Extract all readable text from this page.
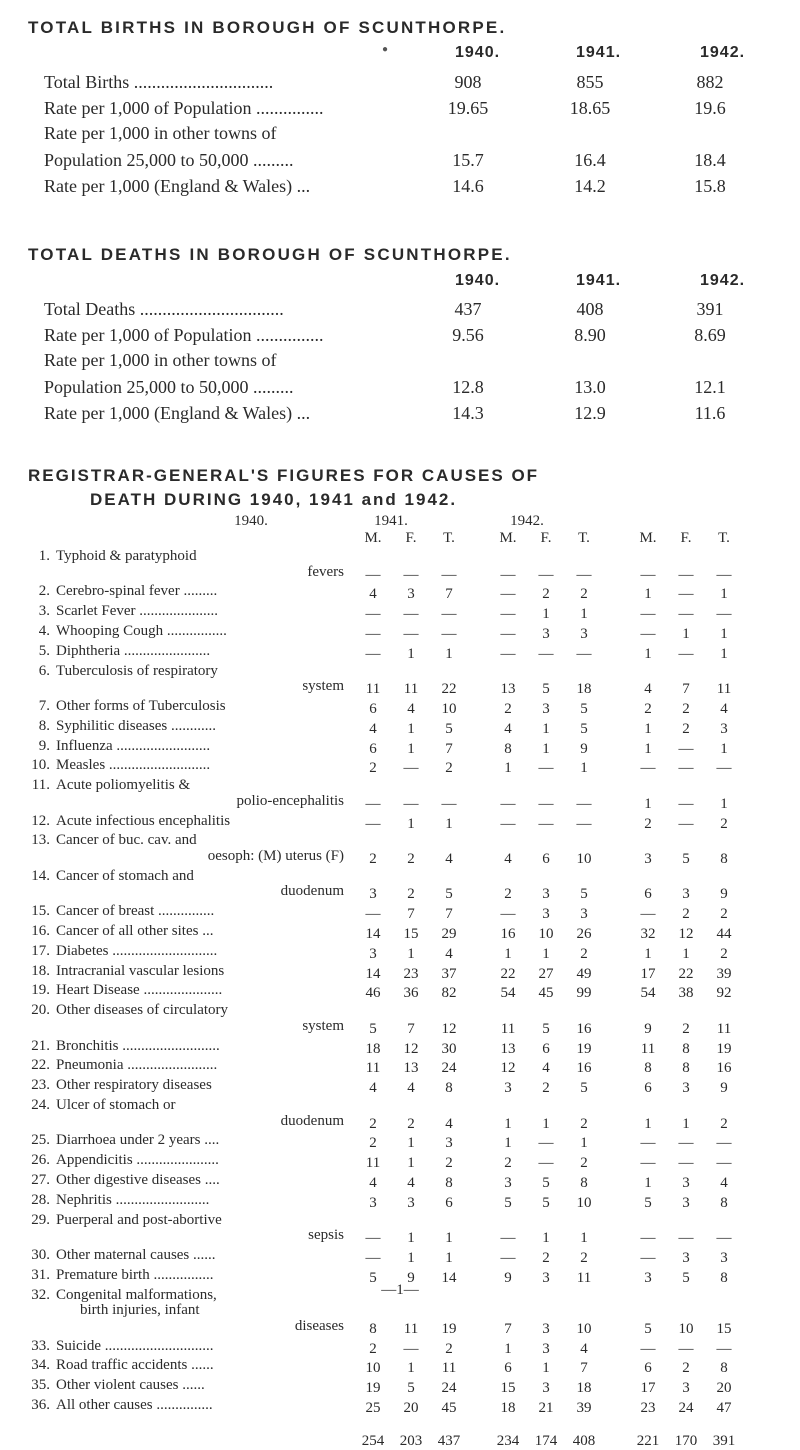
●
TOTAL BIRTHS IN BOROUGH OF SCUNTHORPE.
1940.	1941.	1942.
Total Births ...............................	908	855	882
Rate per 1,000 of Population ...............	19.65	18.65	19.6
Rate per 1,000 in other towns of
Population 25,000 to 50,000 .........	15.7	16.4	18.4
Rate per 1,000 (England & Wales) ...	14.6	14.2	15.8
TOTAL DEATHS IN BOROUGH OF SCUNTHORPE.
1940.	1941.	1942.
Total Deaths ................................	437	408	391
Rate per 1,000 of Population ...............	9.56	8.90	8.69
Rate per 1,000 in other towns of
Population 25,000 to 50,000 .........	12.8	13.0	12.1
Rate per 1,000 (England & Wales) ...	14.3	12.9	11.6
REGISTRAR-GENERAL'S FIGURES FOR CAUSES OF
DEATH DURING 1940, 1941 and 1942.
1940.	1941.	1942.
M.	F.	T.	M.	F.	T.	M.	F.	T.
1. Typhoid & paratyphoid
fevers	—	—	—	—	—	—	—	—	—
2. Cerebro-spinal fever .........	4	3	7	—	2	2	1	—	1
3. Scarlet Fever .....................	—	—	—	—	1	1	—	—	—
4. Whooping Cough ................	—	—	—	—	3	3	—	1	1
5. Diphtheria .......................	—	1	1	—	—	—	1	—	1
6. Tuberculosis of respiratory
system	11	11	22	13	5	18	4	7	11
7. Other forms of Tuberculosis	6	4	10	2	3	5	2	2	4
8. Syphilitic diseases ............	4	1	5	4	1	5	1	2	3
9. Influenza .........................	6	1	7	8	1	9	1	—	1
10. Measles ...........................	2	—	2	1	—	1	—	—	—
11. Acute poliomyelitis &
polio-encephalitis	—	—	—	—	—	—	1	—	1
12. Acute infectious encephalitis	—	1	1	—	—	—	2	—	2
13. Cancer of buc. cav. and
oesoph: (M) uterus (F)	2	2	4	4	6	10	3	5	8
14. Cancer of stomach and
duodenum	3	2	5	2	3	5	6	3	9
15. Cancer of breast ...............	—	7	7	—	3	3	—	2	2
16. Cancer of all other sites ...	14	15	29	16	10	26	32	12	44
17. Diabetes ............................	3	1	4	1	1	2	1	1	2
18. Intracranial vascular lesions	14	23	37	22	27	49	17	22	39
19. Heart Disease .....................	46	36	82	54	45	99	54	38	92
20. Other diseases of circulatory
system	5	7	12	11	5	16	9	2	11
21. Bronchitis ..........................	18	12	30	13	6	19	11	8	19
22. Pneumonia ........................	11	13	24	12	4	16	8	8	16
23. Other respiratory diseases	4	4	8	3	2	5	6	3	9
24. Ulcer of stomach or
duodenum	2	2	4	1	1	2	1	1	2
25. Diarrhoea under 2 years ....	2	1	3	1	—	1	—	—	—
26. Appendicitis ......................	11	1	2	2	—	2	—	—	—
27. Other digestive diseases ....	4	4	8	3	5	8	1	3	4
28. Nephritis .........................	3	3	6	5	5	10	5	3	8
29. Puerperal and post-abortive
sepsis	—	1	1	—	1	1	—	—	—
30. Other maternal causes ......	—	1	1	—	2	2	—	3	3
31. Premature birth ................	5	9	14	9	3	11	3	5	8
32. Congenital malformations,
birth injuries, infant
diseases	8	11	19	7	3	10	5	10	15
33. Suicide .............................	2	—	2	1	3	4	—	—	—
34. Road traffic accidents ......	10	1	11	6	1	7	6	2	8
35. Other violent causes ......	19	5	24	15	3	18	17	3	20
36. All other causes ...............	25	20	45	18	21	39	23	24	47
254	203	437	234	174	408	221	170	391
—1—
